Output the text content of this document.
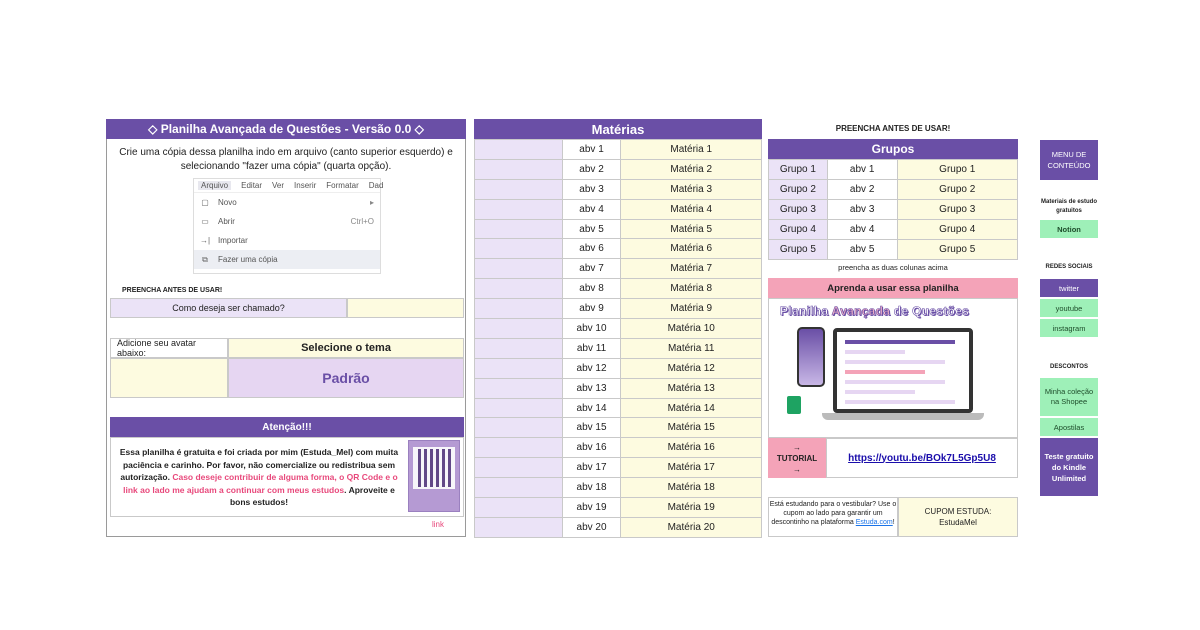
◇ Planilha Avançada de Questões - Versão 0.0 ◇
Crie uma cópia dessa planilha indo em arquivo (canto superior esquerdo) e selecionando "fazer uma cópia" (quarta opção).
Arquivo	Editar Ver Inserir Formatar Dad
▢ Novo	▸
▭ Abrir	Ctrl+O
→| Importar
⧉ Fazer uma cópia
PREENCHA ANTES DE USAR!
Como deseja ser chamado?
Adicione seu avatar abaixo:	Selecione o tema
Padrão
Atenção!!!
Essa planilha é gratuita e foi criada por mim (Estuda_Mel) com muita paciência e carinho. Por favor, não comercialize ou redistribua sem autorização. Caso deseje contribuir de alguma forma, o QR Code e o link ao lado me ajudam a continuar com meus estudos. Aproveite e bons estudos!
link
Matérias
	abv 1	Matéria 1
	abv 2	Matéria 2
	abv 3	Matéria 3
	abv 4	Matéria 4
	abv 5	Matéria 5
	abv 6	Matéria 6
	abv 7	Matéria 7
	abv 8	Matéria 8
	abv 9	Matéria 9
	abv 10	Matéria 10
	abv 11	Matéria 11
	abv 12	Matéria 12
	abv 13	Matéria 13
	abv 14	Matéria 14
	abv 15	Matéria 15
	abv 16	Matéria 16
	abv 17	Matéria 17
	abv 18	Matéria 18
	abv 19	Matéria 19
	abv 20	Matéria 20
PREENCHA ANTES DE USAR!
Grupos
Grupo 1	abv 1	Grupo 1
Grupo 2	abv 2	Grupo 2
Grupo 3	abv 3	Grupo 3
Grupo 4	abv 4	Grupo 4
Grupo 5	abv 5	Grupo 5
preencha as duas colunas acima
Aprenda a usar essa planilha
Planilha Avançada de Questões
→
TUTORIAL
→
https://youtu.be/BOk7L5Gp5U8
Está estudando para o vestibular? Use o cupom ao lado para garantir um descontinho na plataforma Estuda.com!
CUPOM ESTUDA:
EstudaMel
MENU DE CONTEÚDO
Materiais de estudo gratuitos
Notion
REDES SOCIAIS
twitter
youtube
instagram
DESCONTOS
Minha coleção na Shopee
Apostilas
Teste gratuito do Kindle Unlimited
